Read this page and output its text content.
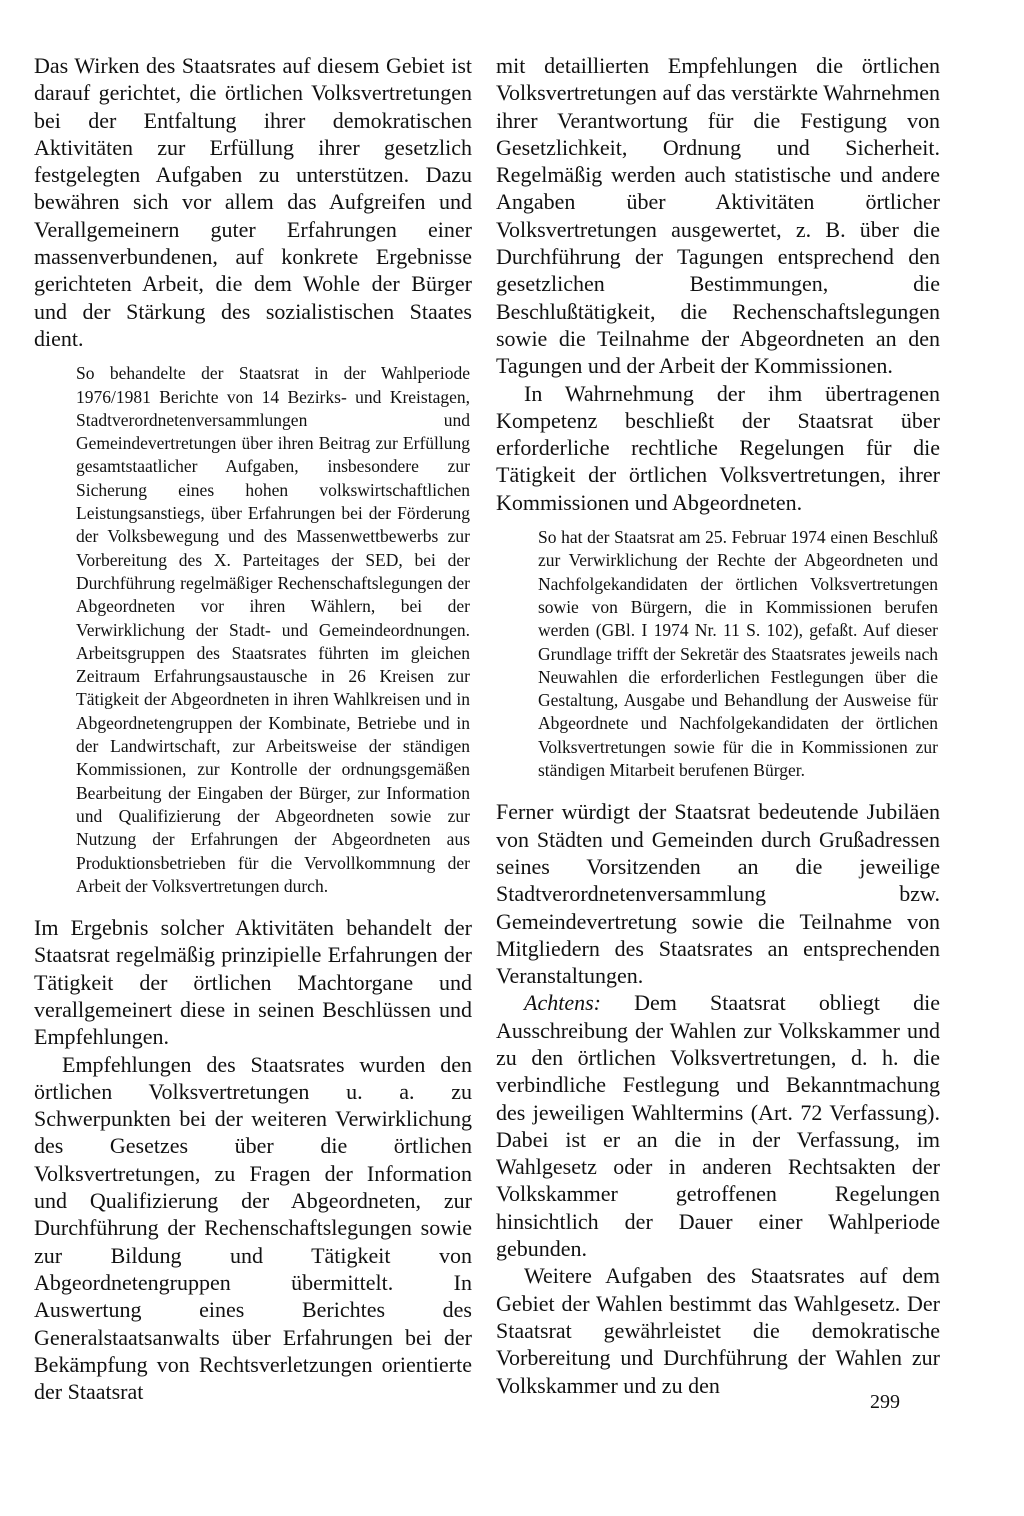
Das Wirken des Staatsrates auf diesem Gebiet ist darauf gerichtet, die örtlichen Volksvertretungen bei der Entfaltung ihrer demokratischen Aktivitäten zur Erfüllung ihrer gesetzlich festgelegten Aufgaben zu unterstützen. Dazu bewähren sich vor allem das Aufgreifen und Verallgemeinern guter Erfahrungen einer massenverbundenen, auf konkrete Ergebnisse gerichteten Arbeit, die dem Wohle der Bürger und der Stärkung des sozialistischen Staates dient.

So behandelte der Staatsrat in der Wahlperiode 1976/1981 Berichte von 14 Bezirks- und Kreistagen, Stadtverordnetenversammlungen und Gemeindevertretungen über ihren Beitrag zur Erfüllung gesamtstaatlicher Aufgaben, insbesondere zur Sicherung eines hohen volkswirtschaftlichen Leistungsanstiegs, über Erfahrungen bei der Förderung der Volksbewegung und des Massenwettbewerbs zur Vorbereitung des X. Parteitages der SED, bei der Durchführung regelmäßiger Rechenschaftslegungen der Abgeordneten vor ihren Wählern, bei der Verwirklichung der Stadt- und Gemeindeordnungen. Arbeitsgruppen des Staatsrates führten im gleichen Zeitraum Erfahrungsaustausche in 26 Kreisen zur Tätigkeit der Abgeordneten in ihren Wahlkreisen und in Abgeordnetengruppen der Kombinate, Betriebe und in der Landwirtschaft, zur Arbeitsweise der ständigen Kommissionen, zur Kontrolle der ordnungsgemäßen Bearbeitung der Eingaben der Bürger, zur Information und Qualifizierung der Abgeordneten sowie zur Nutzung der Erfahrungen der Abgeordneten aus Produktionsbetrieben für die Vervollkommnung der Arbeit der Volksvertretungen durch.

Im Ergebnis solcher Aktivitäten behandelt der Staatsrat regelmäßig prinzipielle Erfahrungen der Tätigkeit der örtlichen Machtorgane und verallgemeinert diese in seinen Beschlüssen und Empfehlungen.

Empfehlungen des Staatsrates wurden den örtlichen Volksvertretungen u. a. zu Schwerpunkten bei der weiteren Verwirklichung des Gesetzes über die örtlichen Volksvertretungen, zu Fragen der Information und Qualifizierung der Abgeordneten, zur Durchführung der Rechenschaftslegungen sowie zur Bildung und Tätigkeit von Abgeordnetengruppen übermittelt. In Auswertung eines Berichtes des Generalstaatsanwalts über Erfahrungen bei der Bekämpfung von Rechtsverletzungen orientierte der Staatsrat

mit detaillierten Empfehlungen die örtlichen Volksvertretungen auf das verstärkte Wahrnehmen ihrer Verantwortung für die Festigung von Gesetzlichkeit, Ordnung und Sicherheit. Regelmäßig werden auch statistische und andere Angaben über Aktivitäten örtlicher Volksvertretungen ausgewertet, z. B. über die Durchführung der Tagungen entsprechend den gesetzlichen Bestimmungen, die Beschlußtätigkeit, die Rechenschaftslegungen sowie die Teilnahme der Abgeordneten an den Tagungen und der Arbeit der Kommissionen.

In Wahrnehmung der ihm übertragenen Kompetenz beschließt der Staatsrat über erforderliche rechtliche Regelungen für die Tätigkeit der örtlichen Volksvertretungen, ihrer Kommissionen und Abgeordneten.

So hat der Staatsrat am 25. Februar 1974 einen Beschluß zur Verwirklichung der Rechte der Abgeordneten und Nachfolgekandidaten der örtlichen Volksvertretungen sowie von Bürgern, die in Kommissionen berufen werden (GBl. I 1974 Nr. 11 S. 102), gefaßt. Auf dieser Grundlage trifft der Sekretär des Staatsrates jeweils nach Neuwahlen die erforderlichen Festlegungen über die Gestaltung, Ausgabe und Behandlung der Ausweise für Abgeordnete und Nachfolgekandidaten der örtlichen Volksvertretungen sowie für die in Kommissionen zur ständigen Mitarbeit berufenen Bürger.

Ferner würdigt der Staatsrat bedeutende Jubiläen von Städten und Gemeinden durch Grußadressen seines Vorsitzenden an die jeweilige Stadtverordnetenversammlung bzw. Gemeindevertretung sowie die Teilnahme von Mitgliedern des Staatsrates an entsprechenden Veranstaltungen.

Achtens: Dem Staatsrat obliegt die Ausschreibung der Wahlen zur Volkskammer und zu den örtlichen Volksvertretungen, d. h. die verbindliche Festlegung und Bekanntmachung des jeweiligen Wahltermins (Art. 72 Verfassung). Dabei ist er an die in der Verfassung, im Wahlgesetz oder in anderen Rechtsakten der Volkskammer getroffenen Regelungen hinsichtlich der Dauer einer Wahlperiode gebunden.

Weitere Aufgaben des Staatsrates auf dem Gebiet der Wahlen bestimmt das Wahlgesetz. Der Staatsrat gewährleistet die demokratische Vorbereitung und Durchführung der Wahlen zur Volkskammer und zu den

299
